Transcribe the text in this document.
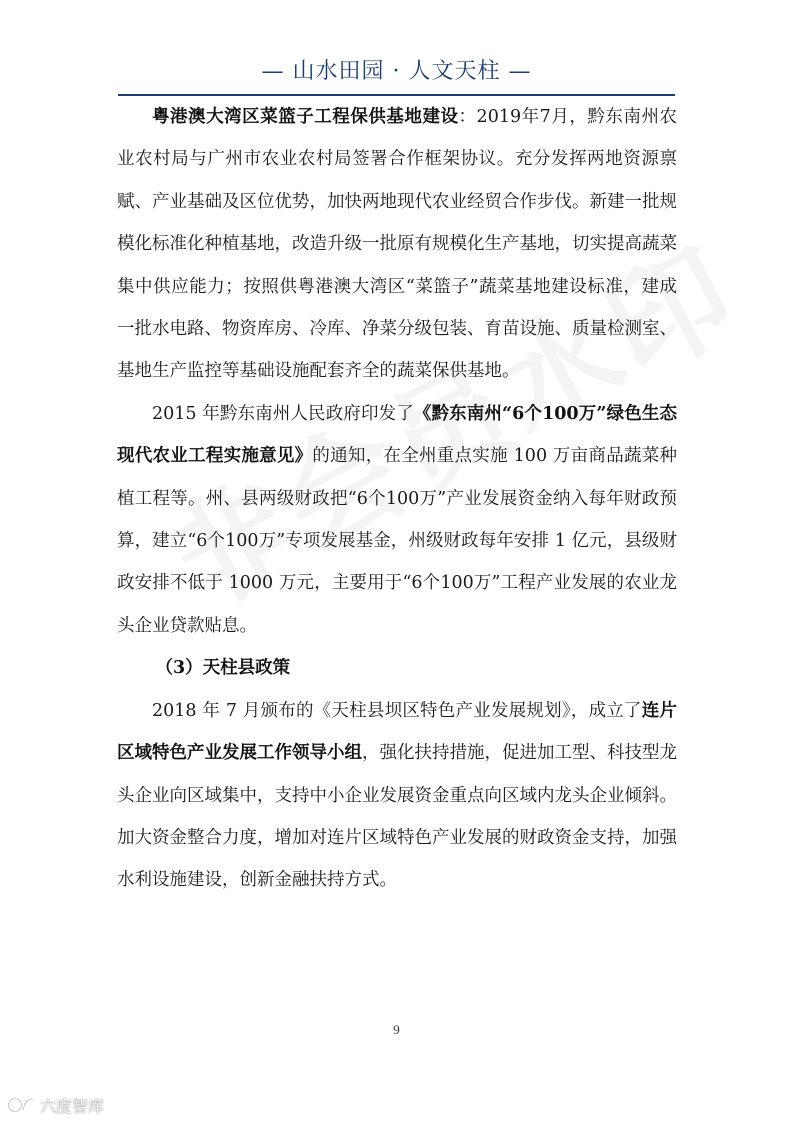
— 山水田园 · 人文天柱 —

粤港澳大湾区菜篮子工程保供基地建设：2019年7月，黔东南州农业农村局与广州市农业农村局签署合作框架协议。充分发挥两地资源禀赋、产业基础及区位优势，加快两地现代农业经贸合作步伐。新建一批规模化标准化种植基地，改造升级一批原有规模化生产基地，切实提高蔬菜集中供应能力；按照供粤港澳大湾区“菜篮子”蔬菜基地建设标准，建成一批水电路、物资库房、冷库、净菜分级包装、育苗设施、质量检测室、基地生产监控等基础设施配套齐全的蔬菜保供基地。

2015 年黔东南州人民政府印发了《黔东南州“6个100万”绿色生态现代农业工程实施意见》的通知，在全州重点实施 100 万亩商品蔬菜种植工程等。州、县两级财政把“6个100万”产业发展资金纳入每年财政预算，建立“6个100万”专项发展基金，州级财政每年安排 1 亿元，县级财政安排不低于 1000 万元，主要用于“6个100万”工程产业发展的农业龙头企业贷款贴息。

（3）天柱县政策

2018 年 7 月颁布的《天柱县坝区特色产业发展规划》，成立了连片区域特色产业发展工作领导小组，强化扶持措施，促进加工型、科技型龙头企业向区域集中，支持中小企业发展资金重点向区域内龙头企业倾斜。加大资金整合力度，增加对连片区域特色产业发展的财政资金支持，加强水利设施建设，创新金融扶持方式。

9
六度智库
